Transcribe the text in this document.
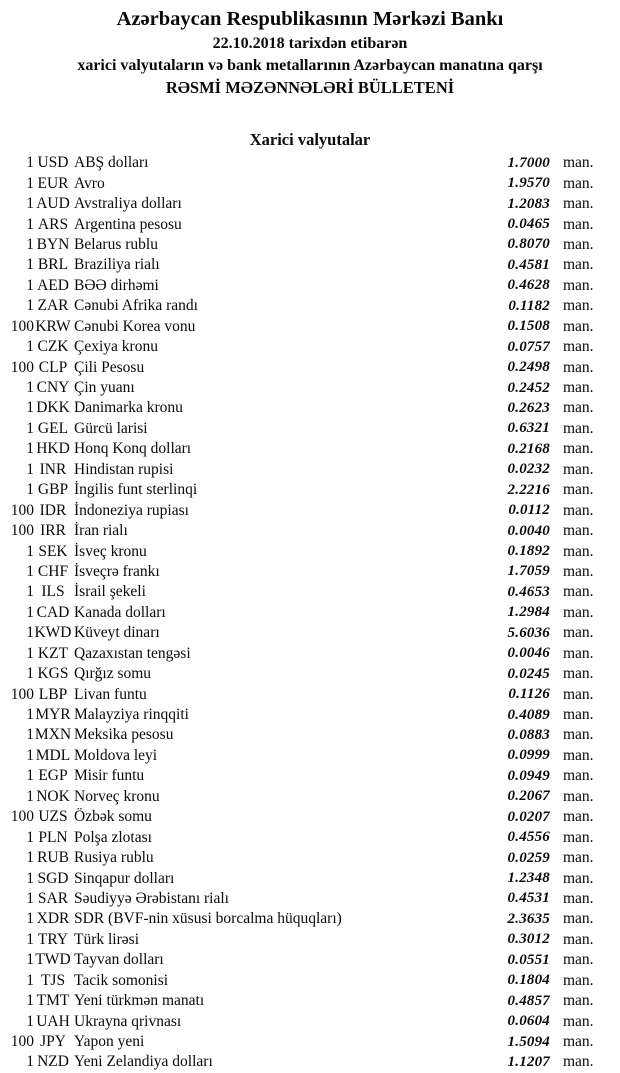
Azərbaycan Respublikasının Mərkəzi Bankı
22.10.2018 tarixdən etibarən
xarici valyutaların və bank metallarının Azərbaycan manatına qarşı
RƏSMİ MƏZƏNNƏLƏRİ BÜLLETENİ
Xarici valyutalar
1 USD ABŞ dolları	1.7000 man.
1 EUR Avro	1.9570 man.
1 AUD Avstraliya dolları	1.2083 man.
1 ARS Argentina pesosu	0.0465 man.
1 BYN Belarus rublu	0.8070 man.
1 BRL Braziliya rialı	0.4581 man.
1 AED BƏƏ dirhəmi	0.4628 man.
1 ZAR Cənubi Afrika randı	0.1182 man.
100 KRW Cənubi Korea vonu	0.1508 man.
1 CZK Çexiya kronu	0.0757 man.
100 CLP Çili Pesosu	0.2498 man.
1 CNY Çin yuanı	0.2452 man.
1 DKK Danimarka kronu	0.2623 man.
1 GEL Gürcü larisi	0.6321 man.
1 HKD Honq Konq dolları	0.2168 man.
1 INR Hindistan rupisi	0.0232 man.
1 GBP İngilis funt sterlinqi	2.2216 man.
100 IDR İndoneziya rupiası	0.0112 man.
100 IRR İran rialı	0.0040 man.
1 SEK İsveç kronu	0.1892 man.
1 CHF İsveçrə frankı	1.7059 man.
1 ILS İsrail şekeli	0.4653 man.
1 CAD Kanada dolları	1.2984 man.
1 KWD Küveyt dinarı	5.6036 man.
1 KZT Qazaxıstan tengəsi	0.0046 man.
1 KGS Qırğız somu	0.0245 man.
100 LBP Livan funtu	0.1126 man.
1 MYR Malayziya rinqqiti	0.4089 man.
1 MXN Meksika pesosu	0.0883 man.
1 MDL Moldova leyi	0.0999 man.
1 EGP Misir funtu	0.0949 man.
1 NOK Norveç kronu	0.2067 man.
100 UZS Özbək somu	0.0207 man.
1 PLN Polşa zlotası	0.4556 man.
1 RUB Rusiya rublu	0.0259 man.
1 SGD Sinqapur dolları	1.2348 man.
1 SAR Səudiyyə Ərəbistanı rialı	0.4531 man.
1 XDR SDR (BVF-nin xüsusi borcalma hüquqları)	2.3635 man.
1 TRY Türk lirəsi	0.3012 man.
1 TWD Tayvan dolları	0.0551 man.
1 TJS Tacik somonisi	0.1804 man.
1 TMT Yeni türkmən manatı	0.4857 man.
1 UAH Ukrayna qrivnası	0.0604 man.
100 JPY Yapon yeni	1.5094 man.
1 NZD Yeni Zelandiya dolları	1.1207 man.
